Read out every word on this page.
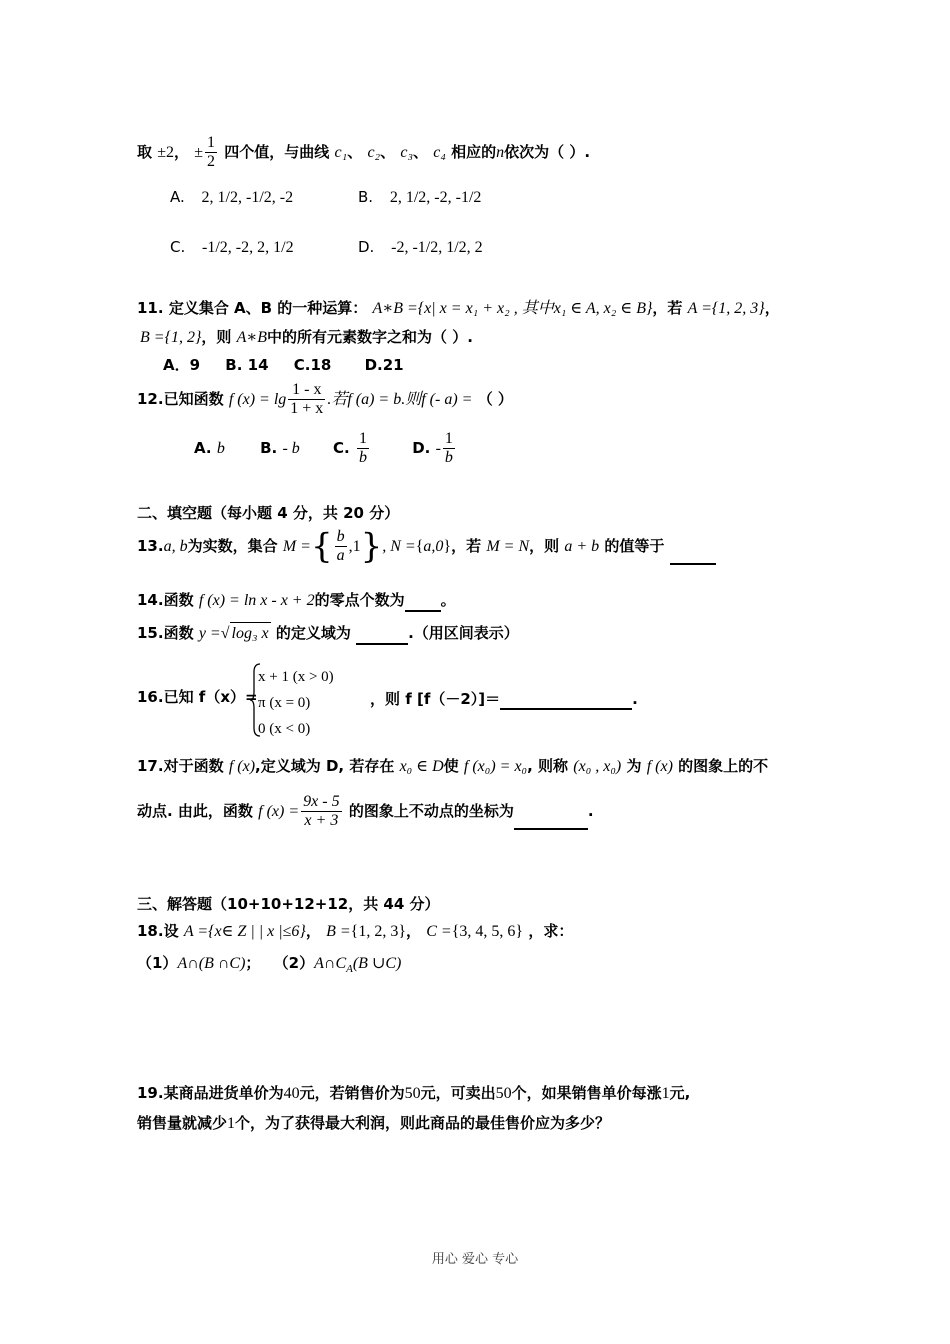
取 ±2， ± $\frac{1}{2}$ 四个值，与曲线 c₁、 c₂、 c₃、 c₄ 相应的n依次为（ ）.
A. 2, 1/2, -1/2, -2	B. 2, 1/2, -2, -1/2
C. -1/2, -2, 2, 1/2	D. -2, -1/2, 1/2, 2
11. 定义集合 A、B 的一种运算： A∗B ={x| x = x₁ + x₂ , 其中x₁ ∈ A, x₂ ∈ B}，若 A ={1, 2, 3}，
B ={1, 2}，则 A∗B中的所有元素数字之和为（ ）.
A．9 B. 14 C.18 D.21
12.已知函数 f $(x) = \lg \frac{1 - x}{1 + x}$ .若f (a) = b.则f (- a) = （ ）
A. b B. - b C. $\frac{1}{b}$	D. - $\frac{1}{b}$
二、填空题（每小题 4 分，共 20 分）
13.a, b为实数，集合 M ={ $\frac{b}{a} ,1$}, N ={a,0}，若 M = N，则 a + b 的值等于
14.函数 f (x) = ln x - x + 2的零点个数为 。
15.函数 y =√ log₃ x 的定义域为	.（用区间表示）
16.已知 f（x）=
x + 1 (x > 0)
π (x = 0)
0 (x < 0)
，则 f [f（－2）]＝	.
17.对于函数 f (x),定义域为 D, 若存在 x₀ ∈ D使 f (x₀) = x₀, 则称 (x₀ , x₀) 为 f (x) 的图象上的不
动点. 由此，函数 f $(x) = \frac{9x - 5}{x + 3}$ 的图象上不动点的坐标为	.
三、解答题（10+10+12+12，共 44 分）
18.设 A ={x∈ Z | | x |≤6}， B ={1, 2, 3}， C ={3, 4, 5, 6} ，求：
（1）A∩(B ∩C)； $(2)A\cap C_A(B$ ∪C)
19.某商品进货单价为40元，若销售价为50元，可卖出50个，如果销售单价每涨1元,
销售量就减少1个，为了获得最大利润，则此商品的最佳售价应为多少？
用心 爱心 专心
